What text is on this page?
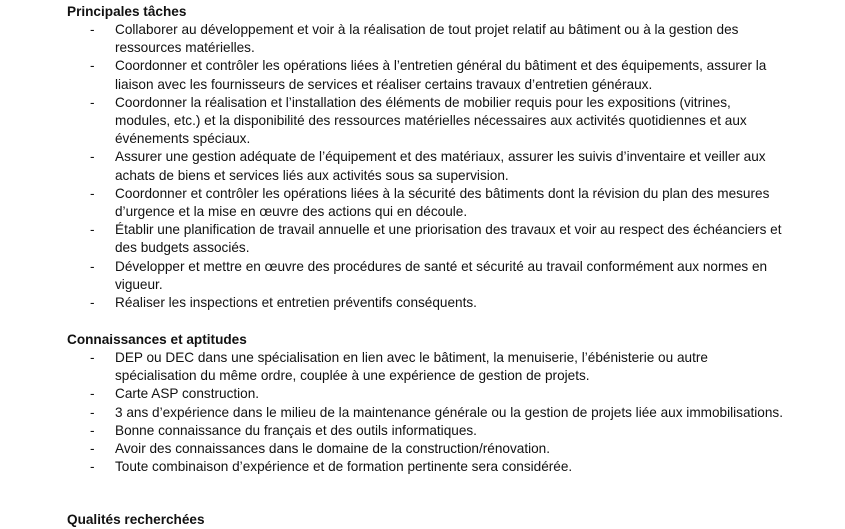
Principales tâches
- Collaborer au développement et voir à la réalisation de tout projet relatif au bâtiment ou à la gestion des ressources matérielles.
- Coordonner et contrôler les opérations liées à l’entretien général du bâtiment et des équipements, assurer la liaison avec les fournisseurs de services et réaliser certains travaux d’entretien généraux.
- Coordonner la réalisation et l’installation des éléments de mobilier requis pour les expositions (vitrines, modules, etc.) et la disponibilité des ressources matérielles nécessaires aux activités quotidiennes et aux événements spéciaux.
- Assurer une gestion adéquate de l’équipement et des matériaux, assurer les suivis d’inventaire et veiller aux achats de biens et services liés aux activités sous sa supervision.
- Coordonner et contrôler les opérations liées à la sécurité des bâtiments dont la révision du plan des mesures d’urgence et la mise en œuvre des actions qui en découle.
- Établir une planification de travail annuelle et une priorisation des travaux et voir au respect des échéanciers et des budgets associés.
- Développer et mettre en œuvre des procédures de santé et sécurité au travail conformément aux normes en vigueur.
- Réaliser les inspections et entretien préventifs conséquents.
Connaissances et aptitudes
- DEP ou DEC dans une spécialisation en lien avec le bâtiment, la menuiserie, l’ébénisterie ou autre spécialisation du même ordre, couplée à une expérience de gestion de projets.
- Carte ASP construction.
- 3 ans d’expérience dans le milieu de la maintenance générale ou la gestion de projets liée aux immobilisations.
- Bonne connaissance du français et des outils informatiques.
- Avoir des connaissances dans le domaine de la construction/rénovation.
- Toute combinaison d’expérience et de formation pertinente sera considérée.
Qualités recherchées
